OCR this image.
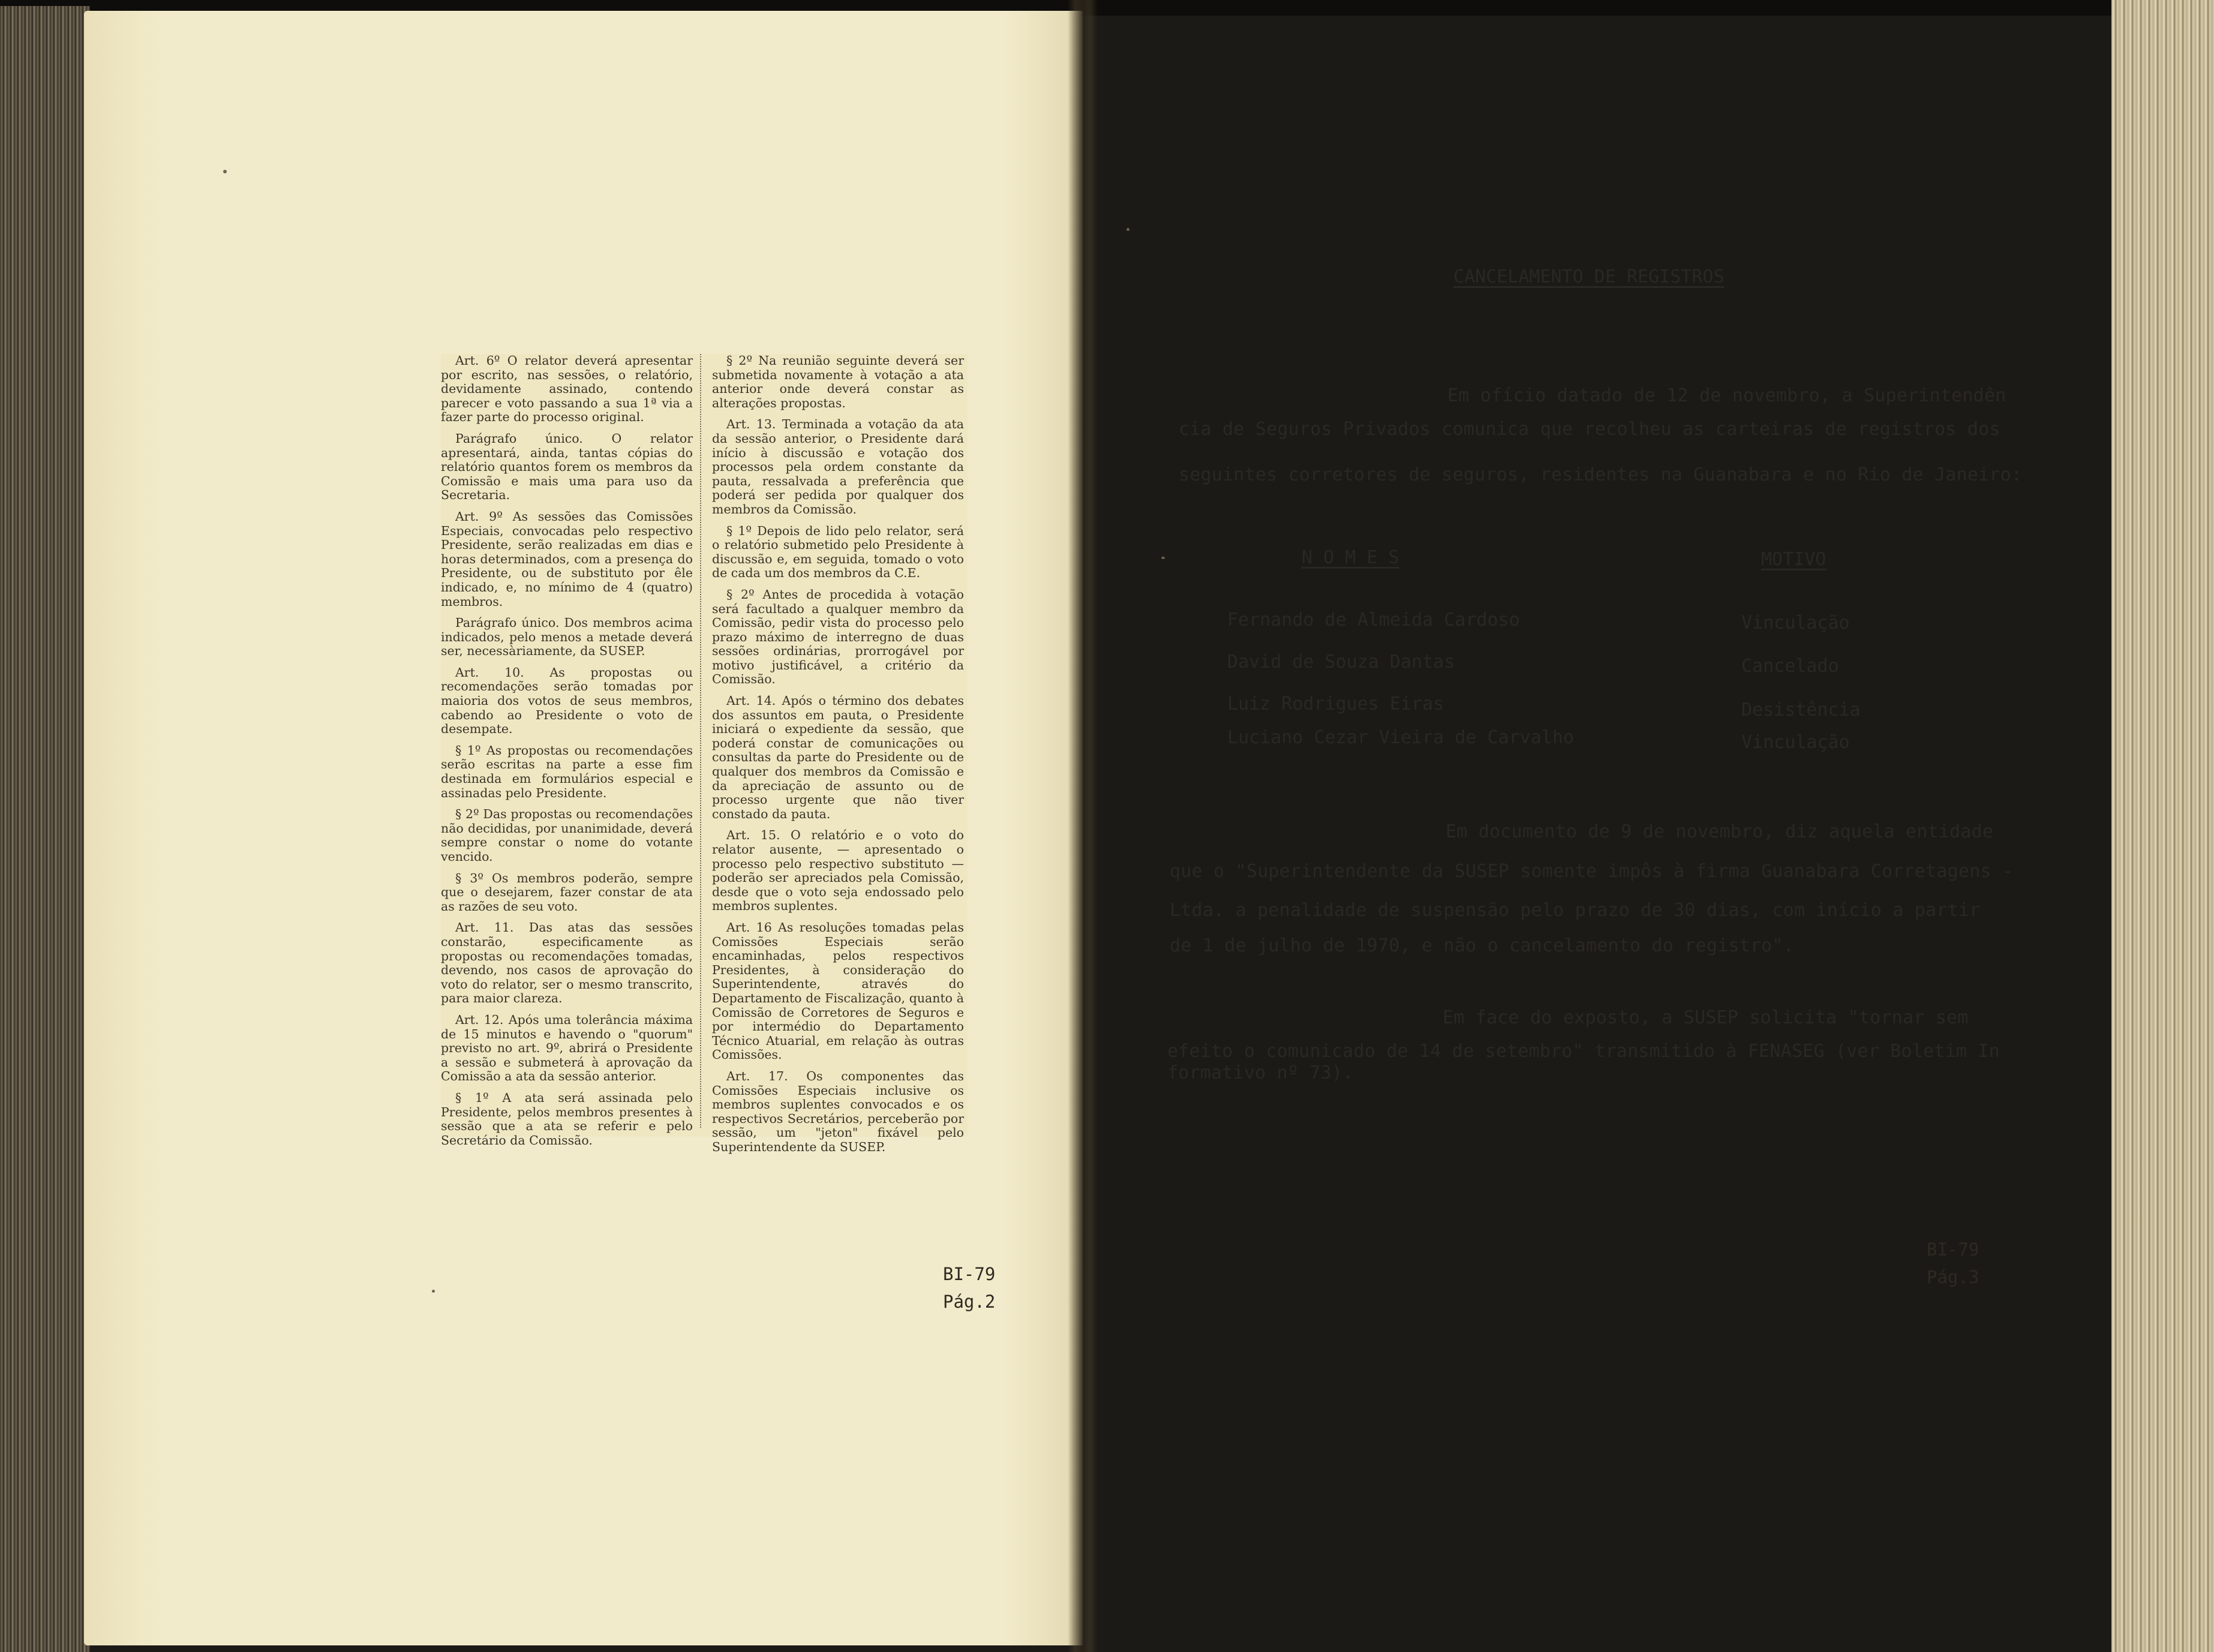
Art. 6º O relator deverá apresentar por escrito, nas sessões, o relatório, devidamente assinado, contendo parecer e voto passando a sua 1ª via a fazer parte do processo original.

Parágrafo único. O relator apresentará, ainda, tantas cópias do relatório quantos forem os membros da Comissão e mais uma para uso da Secretaria.

Art. 9º As sessões das Comissões Especiais, convocadas pelo respectivo Presidente, serão realizadas em dias e horas determinados, com a presença do Presidente, ou de substituto por êle indicado, e, no mínimo de 4 (quatro) membros.

Parágrafo único. Dos membros acima indicados, pelo menos a metade deverá ser, necessàriamente, da SUSEP.

Art. 10. As propostas ou recomendações serão tomadas por maioria dos votos de seus membros, cabendo ao Presidente o voto de desempate.

§ 1º As propostas ou recomendações serão escritas na parte a esse fim destinada em formulários especial e assinadas pelo Presidente.

§ 2º Das propostas ou recomendações não decididas, por unanimidade, deverá sempre constar o nome do votante vencido.

§ 3º Os membros poderão, sempre que o desejarem, fazer constar de ata as razões de seu voto.

Art. 11. Das atas das sessões constarão, especificamente as propostas ou recomendações tomadas, devendo, nos casos de aprovação do voto do relator, ser o mesmo transcrito, para maior clareza.

Art. 12. Após uma tolerância máxima de 15 minutos e havendo o "quorum" previsto no art. 9º, abrirá o Presidente a sessão e submeterá à aprovação da Comissão a ata da sessão anterior.

§ 1º A ata será assinada pelo Presidente, pelos membros presentes à sessão que a ata se referir e pelo Secretário da Comissão.

§ 2º Na reunião seguinte deverá ser submetida novamente à votação a ata anterior onde deverá constar as alterações propostas.

Art. 13. Terminada a votação da ata da sessão anterior, o Presidente dará início à discussão e votação dos processos pela ordem constante da pauta, ressalvada a preferência que poderá ser pedida por qualquer dos membros da Comissão.

§ 1º Depois de lido pelo relator, será o relatório submetido pelo Presidente à discussão e, em seguida, tomado o voto de cada um dos membros da C.E.

§ 2º Antes de procedida à votação será facultado a qualquer membro da Comissão, pedir vista do processo pelo prazo máximo de interregno de duas sessões ordinárias, prorrogável por motivo justificável, a critério da Comissão.

Art. 14. Após o término dos debates dos assuntos em pauta, o Presidente iniciará o expediente da sessão, que poderá constar de comunicações ou consultas da parte do Presidente ou de qualquer dos membros da Comissão e da apreciação de assunto ou de processo urgente que não tiver constado da pauta.

Art. 15. O relatório e o voto do relator ausente, — apresentado o processo pelo respectivo substituto — poderão ser apreciados pela Comissão, desde que o voto seja endossado pelo membros suplentes.

Art. 16 As resoluções tomadas pelas Comissões Especiais serão encaminhadas, pelos respectivos Presidentes, à consideração do Superintendente, através do Departamento de Fiscalização, quanto à Comissão de Corretores de Seguros e por intermédio do Departamento Técnico Atuarial, em relação às outras Comissões.

Art. 17. Os componentes das Comissões Especiais inclusive os membros suplentes convocados e os respectivos Secretários, perceberão por sessão, um "jeton" fixável pelo Superintendente da SUSEP.

BI-79
Pág.2
CANCELAMENTO DE REGISTROS
Em ofício datado de 12 de novembro, a Superintendên
cia de Seguros Privados comunica que recolheu as carteiras de registros dos
seguintes corretores de seguros, residentes na Guanabara e no Rio de Janeiro:
N O M E S	MOTIVO
Fernando de Almeida Cardoso	Vinculação
David de Souza Dantas	Cancelado
Luiz Rodrigues Eiras	Desistência
Luciano Cezar Vieira de Carvalho	Vinculação
Em documento de 9 de novembro, diz aquela entidade
que o "Superintendente da SUSEP somente impôs à firma Guanabara Corretagens -
Ltda. a penalidade de suspensão pelo prazo de 30 dias, com início a partir
de 1 de julho de 1970, e não o cancelamento do registro".
Em face do exposto, a SUSEP solicita "tornar sem
efeito o comunicado de 14 de setembro" transmitido à FENASEG (ver Boletim In
formativo nº 73).
BI-79
Pág.3
